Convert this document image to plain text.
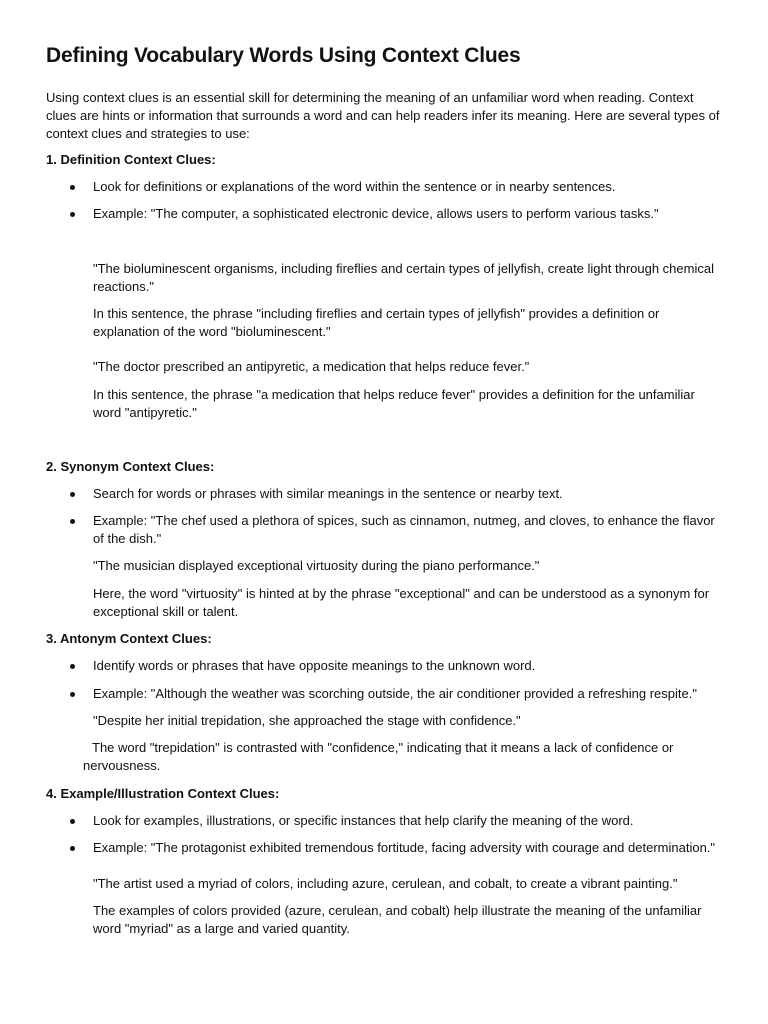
Defining Vocabulary Words Using Context Clues

Using context clues is an essential skill for determining the meaning of an unfamiliar word when reading. Context clues are hints or information that surrounds a word and can help readers infer its meaning. Here are several types of context clues and strategies to use:

1. Definition Context Clues:
Look for definitions or explanations of the word within the sentence or in nearby sentences.
Example: "The computer, a sophisticated electronic device, allows users to perform various tasks."

"The bioluminescent organisms, including fireflies and certain types of jellyfish, create light through chemical reactions."

In this sentence, the phrase "including fireflies and certain types of jellyfish" provides a definition or explanation of the word "bioluminescent."

"The doctor prescribed an antipyretic, a medication that helps reduce fever."

In this sentence, the phrase "a medication that helps reduce fever" provides a definition for the unfamiliar word "antipyretic."

2. Synonym Context Clues:
Search for words or phrases with similar meanings in the sentence or nearby text.
Example: "The chef used a plethora of spices, such as cinnamon, nutmeg, and cloves, to enhance the flavor of the dish."

"The musician displayed exceptional virtuosity during the piano performance."

Here, the word "virtuosity" is hinted at by the phrase "exceptional" and can be understood as a synonym for exceptional skill or talent.

3. Antonym Context Clues:
Identify words or phrases that have opposite meanings to the unknown word.
Example: "Although the weather was scorching outside, the air conditioner provided a refreshing respite."

"Despite her initial trepidation, she approached the stage with confidence."

The word "trepidation" is contrasted with "confidence," indicating that it means a lack of confidence or nervousness.

4. Example/Illustration Context Clues:
Look for examples, illustrations, or specific instances that help clarify the meaning of the word.
Example: "The protagonist exhibited tremendous fortitude, facing adversity with courage and determination."

"The artist used a myriad of colors, including azure, cerulean, and cobalt, to create a vibrant painting."

The examples of colors provided (azure, cerulean, and cobalt) help illustrate the meaning of the unfamiliar word "myriad" as a large and varied quantity.
